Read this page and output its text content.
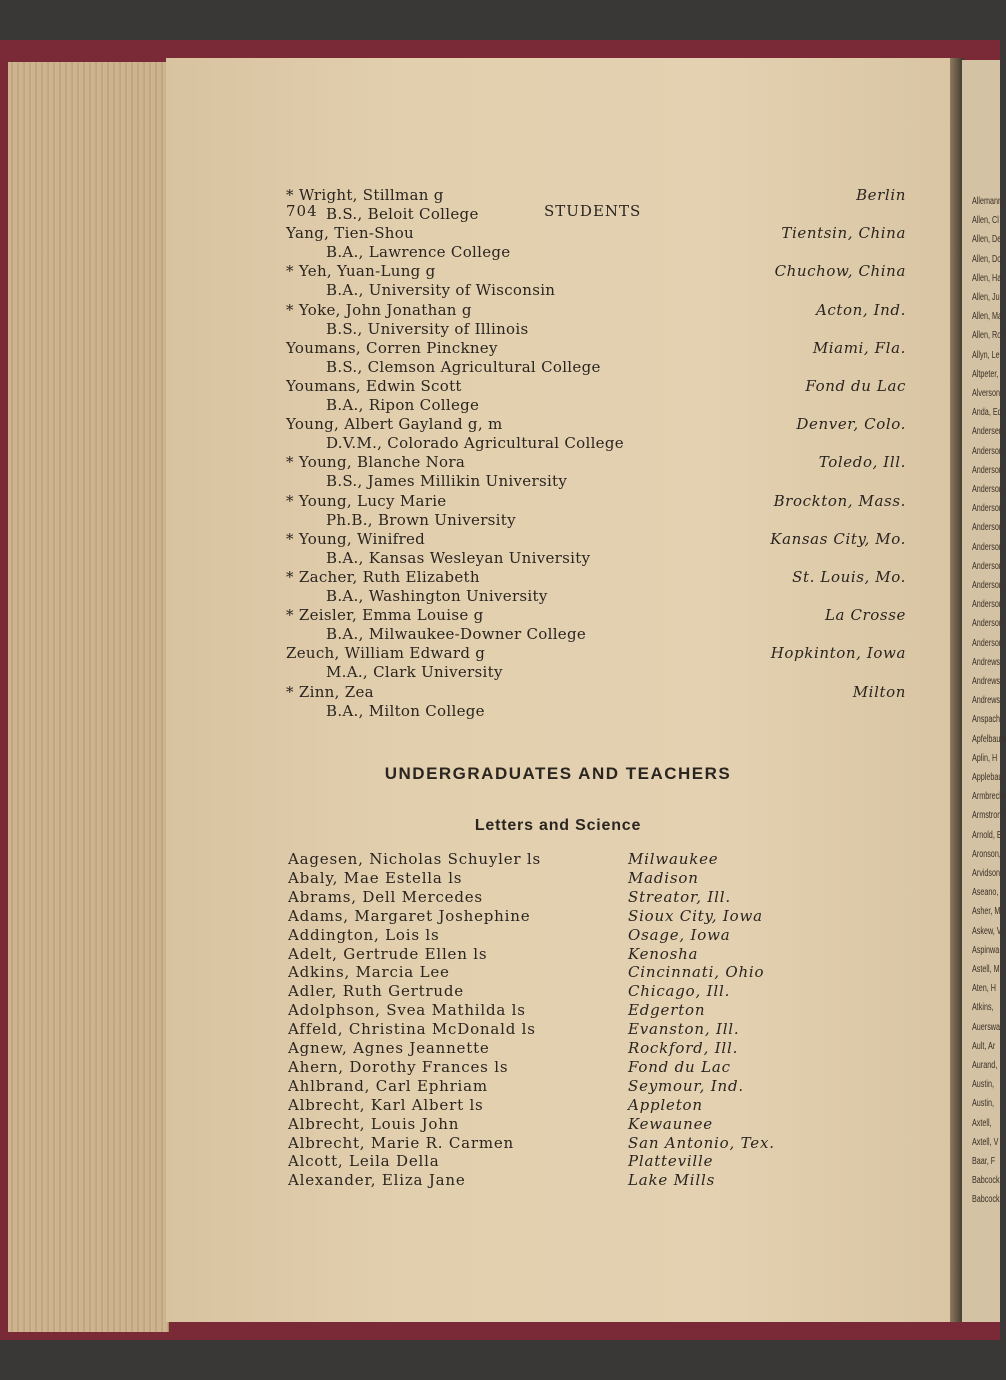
704	STUDENTS
* Wright, Stillman g	Berlin
B.S., Beloit College
Yang, Tien-Shou	Tientsin, China
B.A., Lawrence College
* Yeh, Yuan-Lung g	Chuchow, China
B.A., University of Wisconsin
* Yoke, John Jonathan g	Acton, Ind.
B.S., University of Illinois
Youmans, Corren Pinckney	Miami, Fla.
B.S., Clemson Agricultural College
Youmans, Edwin Scott	Fond du Lac
B.A., Ripon College
Young, Albert Gayland g, m	Denver, Colo.
D.V.M., Colorado Agricultural College
* Young, Blanche Nora	Toledo, Ill.
B.S., James Millikin University
* Young, Lucy Marie	Brockton, Mass.
Ph.B., Brown University
* Young, Winifred	Kansas City, Mo.
B.A., Kansas Wesleyan University
* Zacher, Ruth Elizabeth	St. Louis, Mo.
B.A., Washington University
* Zeisler, Emma Louise g	La Crosse
B.A., Milwaukee-Downer College
Zeuch, William Edward g	Hopkinton, Iowa
M.A., Clark University
* Zinn, Zea	Milton
B.A., Milton College
UNDERGRADUATES AND TEACHERS
Letters and Science
Aagesen, Nicholas Schuyler ls	Milwaukee
Abaly, Mae Estella ls	Madison
Abrams, Dell Mercedes	Streator, Ill.
Adams, Margaret Joshephine	Sioux City, Iowa
Addington, Lois ls	Osage, Iowa
Adelt, Gertrude Ellen ls	Kenosha
Adkins, Marcia Lee	Cincinnati, Ohio
Adler, Ruth Gertrude	Chicago, Ill.
Adolphson, Svea Mathilda ls	Edgerton
Affeld, Christina McDonald ls	Evanston, Ill.
Agnew, Agnes Jeannette	Rockford, Ill.
Ahern, Dorothy Frances ls	Fond du Lac
Ahlbrand, Carl Ephriam	Seymour, Ind.
Albrecht, Karl Albert ls	Appleton
Albrecht, Louis John	Kewaunee
Albrecht, Marie R. Carmen	San Antonio, Tex.
Alcott, Leila Della	Platteville
Alexander, Eliza Jane	Lake Mills
Allemann,
Allen, Cl
Allen, De
Allen, Do
Allen, Ha
Allen, Ju
Allen, Ma
Allen, Ro
Allyn, Le
Altpeter,
Alverson,
Anda, Ed
Andersen,
Anderson
Anderson
Anderson
Anderson
Anderson
Anderson
Anderson
Anderson
Anderson
Anderson
Anderson
Andrews,
Andrews,
Andrews,
Anspach,
Apfelbaum
Aplin, H
Applebau
Armbrecht
Armstron
Arnold, E
Aronson,
Arvidson
Aseano,
Asher, M
Askew, V
Aspinwa
Astell, M
Aten, H
Atkins,
Auerswa
Ault, Ar
Aurand,
Austin,
Austin,
Axtell,
Axtell, V
Baar, F
Babcock
Babcock
